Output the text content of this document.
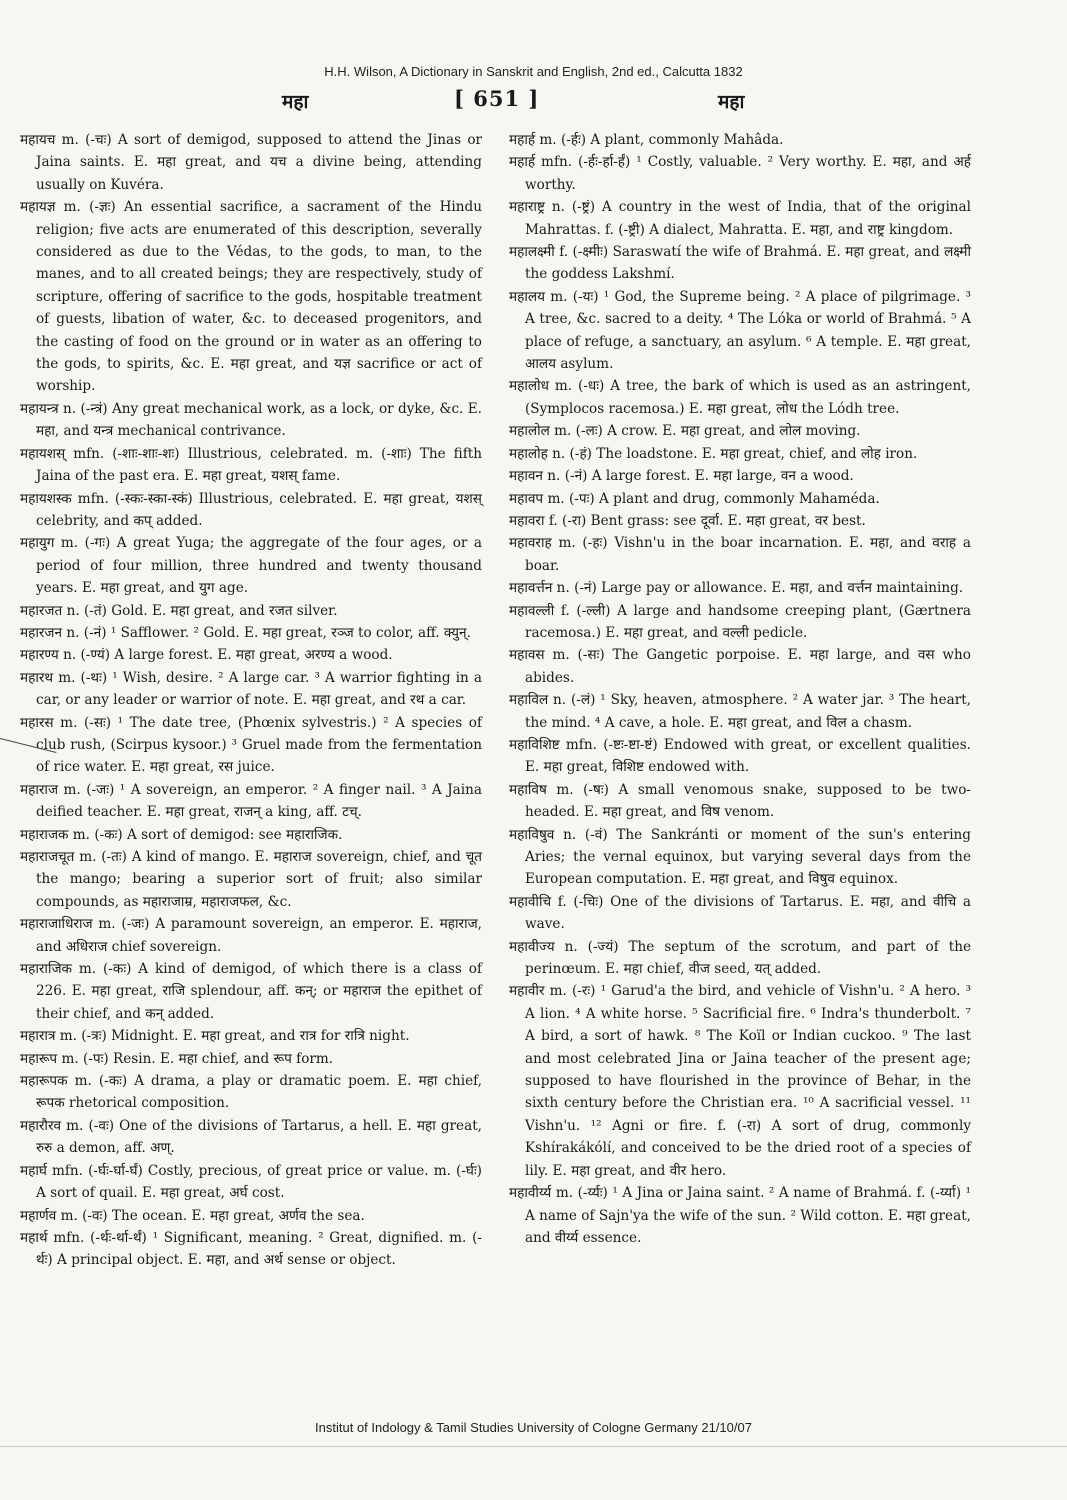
H.H. Wilson, A Dictionary in Sanskrit and English, 2nd ed., Calcutta 1832
महा	[ 651 ]	महा

महायच m. (-चः) A sort of demigod, supposed to attend the Jinas or Jaina saints. E. महा great, and यच a divine being, attending usually on Kuvéra.

महायज्ञ m. (-ज्ञः) An essential sacrifice, a sacrament of the Hindu religion; five acts are enumerated of this description, severally considered as due to the Védas, to the gods, to man, to the manes, and to all created beings; they are respectively, study of scripture, offering of sacrifice to the gods, hospitable treatment of guests, libation of water, &c. to deceased progenitors, and the casting of food on the ground or in water as an offering to the gods, to spirits, &c. E. महा great, and यज्ञ sacrifice or act of worship.

महायन्त्र n. (-न्त्रं) Any great mechanical work, as a lock, or dyke, &c. E. महा, and यन्त्र mechanical contrivance.

महायशस् mfn. (-शाः-शाः-शः) Illustrious, celebrated. m. (-शाः) The fifth Jaina of the past era. E. महा great, यशस् fame.

महायशस्क mfn. (-स्कः-स्का-स्कं) Illustrious, celebrated. E. महा great, यशस् celebrity, and कप् added.

महायुग m. (-गः) A great Yuga; the aggregate of the four ages, or a period of four million, three hundred and twenty thousand years. E. महा great, and युग age.

महारजत n. (-तं) Gold. E. महा great, and रजत silver.

महारजन n. (-नं) ¹ Safflower. ² Gold. E. महा great, रञ्ज to color, aff. क्युन्.

महारण्य n. (-ण्यं) A large forest. E. महा great, अरण्य a wood.

महारथ m. (-थः) ¹ Wish, desire. ² A large car. ³ A warrior fighting in a car, or any leader or warrior of note. E. महा great, and रथ a car.

महारस m. (-सः) ¹ The date tree, (Phœnix sylvestris.) ² A species of club rush, (Scirpus kysoor.) ³ Gruel made from the fermentation of rice water. E. महा great, रस juice.

महाराज m. (-जः) ¹ A sovereign, an emperor. ² A finger nail. ³ A Jaina deified teacher. E. महा great, राजन् a king, aff. टच्.

महाराजक m. (-कः) A sort of demigod: see महाराजिक.

महाराजचूत m. (-तः) A kind of mango. E. महाराज sovereign, chief, and चूत the mango; bearing a superior sort of fruit; also similar compounds, as महाराजाम्र, महाराजफल, &c.

महाराजाधिराज m. (-जः) A paramount sovereign, an emperor. E. महाराज, and अधिराज chief sovereign.

महाराजिक m. (-कः) A kind of demigod, of which there is a class of 226. E. महा great, राजि splendour, aff. कन्; or महाराज the epithet of their chief, and कन् added.

महारात्र m. (-त्रः) Midnight. E. महा great, and रात्र for रात्रि night.

महारूप m. (-पः) Resin. E. महा chief, and रूप form.

महारूपक m. (-कः) A drama, a play or dramatic poem. E. महा chief, रूपक rhetorical composition.

महारौरव m. (-वः) One of the divisions of Tartarus, a hell. E. महा great, रुरु a demon, aff. अण्.

महार्घ mfn. (-र्घः-र्घा-र्घं) Costly, precious, of great price or value. m. (-र्घः) A sort of quail. E. महा great, अर्घ cost.

महार्णव m. (-वः) The ocean. E. महा great, अर्णव the sea.

महार्थ mfn. (-र्थः-र्था-र्थं) ¹ Significant, meaning. ² Great, dignified. m. (-र्थः) A principal object. E. महा, and अर्थ sense or object.

महार्ह m. (-र्हः) A plant, commonly Mahâda.

महार्ह mfn. (-र्हः-र्हा-र्हं) ¹ Costly, valuable. ² Very worthy. E. महा, and अर्ह worthy.

महाराष्ट्र n. (-ष्ट्रं) A country in the west of India, that of the original Mahrattas. f. (-ष्ट्री) A dialect, Mahratta. E. महा, and राष्ट्र kingdom.

महालक्ष्मी f. (-क्ष्मीः) Saraswatí the wife of Brahmá. E. महा great, and लक्ष्मी the goddess Lakshmí.

महालय m. (-यः) ¹ God, the Supreme being. ² A place of pilgrimage. ³ A tree, &c. sacred to a deity. ⁴ The Lóka or world of Brahmá. ⁵ A place of refuge, a sanctuary, an asylum. ⁶ A temple. E. महा great, आलय asylum.

महालोध m. (-धः) A tree, the bark of which is used as an astringent, (Symplocos racemosa.) E. महा great, लोध the Lódh tree.

महालोल m. (-लः) A crow. E. महा great, and लोल moving.

महालोह n. (-हं) The loadstone. E. महा great, chief, and लोह iron.

महावन n. (-नं) A large forest. E. महा large, वन a wood.

महावप m. (-पः) A plant and drug, commonly Mahaméda.

महावरा f. (-रा) Bent grass: see दूर्वा. E. महा great, वर best.

महावराह m. (-हः) Vishn'u in the boar incarnation. E. महा, and वराह a boar.

महावर्त्तन n. (-नं) Large pay or allowance. E. महा, and वर्त्तन maintaining.

महावल्ली f. (-ल्ली) A large and handsome creeping plant, (Gærtnera racemosa.) E. महा great, and वल्ली pedicle.

महावस m. (-सः) The Gangetic porpoise. E. महा large, and वस who abides.

महाविल n. (-लं) ¹ Sky, heaven, atmosphere. ² A water jar. ³ The heart, the mind. ⁴ A cave, a hole. E. महा great, and विल a chasm.

महाविशिष्ट mfn. (-ष्टः-ष्टा-ष्टं) Endowed with great, or excellent qualities. E. महा great, विशिष्ट endowed with.

महाविष m. (-षः) A small venomous snake, supposed to be two-headed. E. महा great, and विष venom.

महाविषुव n. (-वं) The Sankránti or moment of the sun's entering Aries; the vernal equinox, but varying several days from the European computation. E. महा great, and विषुव equinox.

महावीचि f. (-चिः) One of the divisions of Tartarus. E. महा, and वीचि a wave.

महावीज्य n. (-ज्यं) The septum of the scrotum, and part of the perinœum. E. महा chief, वीज seed, यत् added.

महावीर m. (-रः) ¹ Garud'a the bird, and vehicle of Vishn'u. ² A hero. ³ A lion. ⁴ A white horse. ⁵ Sacrificial fire. ⁶ Indra's thunderbolt. ⁷ A bird, a sort of hawk. ⁸ The Koïl or Indian cuckoo. ⁹ The last and most celebrated Jina or Jaina teacher of the present age; supposed to have flourished in the province of Behar, in the sixth century before the Christian era. ¹⁰ A sacrificial vessel. ¹¹ Vishn'u. ¹² Agni or fire. f. (-रा) A sort of drug, commonly Kshírakákólí, and conceived to be the dried root of a species of lily. E. महा great, and वीर hero.

महावीर्य्य m. (-र्य्यः) ¹ A Jina or Jaina saint. ² A name of Brahmá. f. (-र्य्या) ¹ A name of Sajn'ya the wife of the sun. ² Wild cotton. E. महा great, and वीर्य्य essence.

Institut of Indology & Tamil Studies University of Cologne Germany 21/10/07
